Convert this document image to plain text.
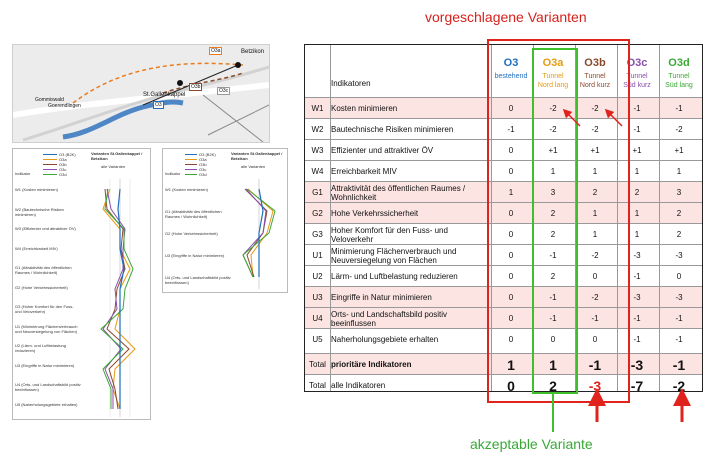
vorgeschlagene Varianten
akzeptable Variante
Betzikon
St.Gallenkappel
Gommiswald
Goerendlingen
O3a
O3b
O3c
O3
Indikator
Varianten St.Gallenkappel / Betzikon
alle Varianten
O3 (B2K)
O3a
O3b
O3c
O3d
W1 (Kosten minimieren)
W2 (Bautechnische Risiken minimieren)
W3 (Effizienter und attraktiver ÖV)
W4 (Erreichbarkeit MIV)
G1 (Attraktivität des öffentlichen Raumes / Wohnlichkeit)
G2 (Hohe Verkehrssicherheit)
G3 (Hoher Komfort für den Fuss- und Veloverkehr)
U1 (Minimierung Flächenverbrauch und Neuversiegelung von Flächen)
U2 (Lärm- und Luftbelastung reduzieren)
U3 (Eingriffe in Natur minimieren)
U4 (Orts- und Landschaftsbild positiv beeinflussen)
U5 (Naherholungsgebiete erhalten)
Indikator
Varianten St.Gallenkappel / Betzikon
alle Varianten
O3 (B2K)
O3a
O3b
O3c
O3d
W1 (Kosten minimieren)
G1 (Attraktivität des öffentlichen Raumes / Wohnlichkeit)
G2 (Hohe Verkehrssicherheit)
U3 (Eingriffe in Natur minimieren)
U4 (Orts- und Landschaftsbild positiv beeinflussen)
Indikatoren
O3
bestehend
O3a
Tunnel
Nord lang
O3b
Tunnel
Nord kurz
O3c
Tunnel
Süd kurz
O3d
Tunnel
Süd lang
W1 Kosten minimieren	0	-2	-2	-1	-1
W2 Bautechnische Risiken minimieren	-1	-2	-2	-1	-2
W3 Effizienter und attraktiver ÖV	0	+1	+1	+1	+1
W4 Erreichbarkeit MIV	0	1	1	1	1
G1	Attraktivität des öffentlichen Raumes / Wohnlichkeit	1	3	2	2	3
G2	Hohe Verkehrssicherheit	0	2	1	1	2
G3	Hoher Komfort für den Fuss- und Veloverkehr	0	2	1	1	2
U1	Minimierung Flächenverbrauch und Neuversiegelung von Flächen	0	-1	-2	-3	-3
U2	Lärm- und Luftbelastung reduzieren	0	2	0	-1	0
U3	Eingriffe in Natur minimieren	0	-1	-2	-3	-3
U4	Orts- und Landschaftsbild positiv beeinflussen	0	-1	-1	-1	-1
U5	Naherholungsgebiete erhalten	0	0	0	-1	-1
Total prioritäre Indikatoren	1	1	-1	-3	-1
Total alle Indikatoren	0	2	-3	-7	-2
